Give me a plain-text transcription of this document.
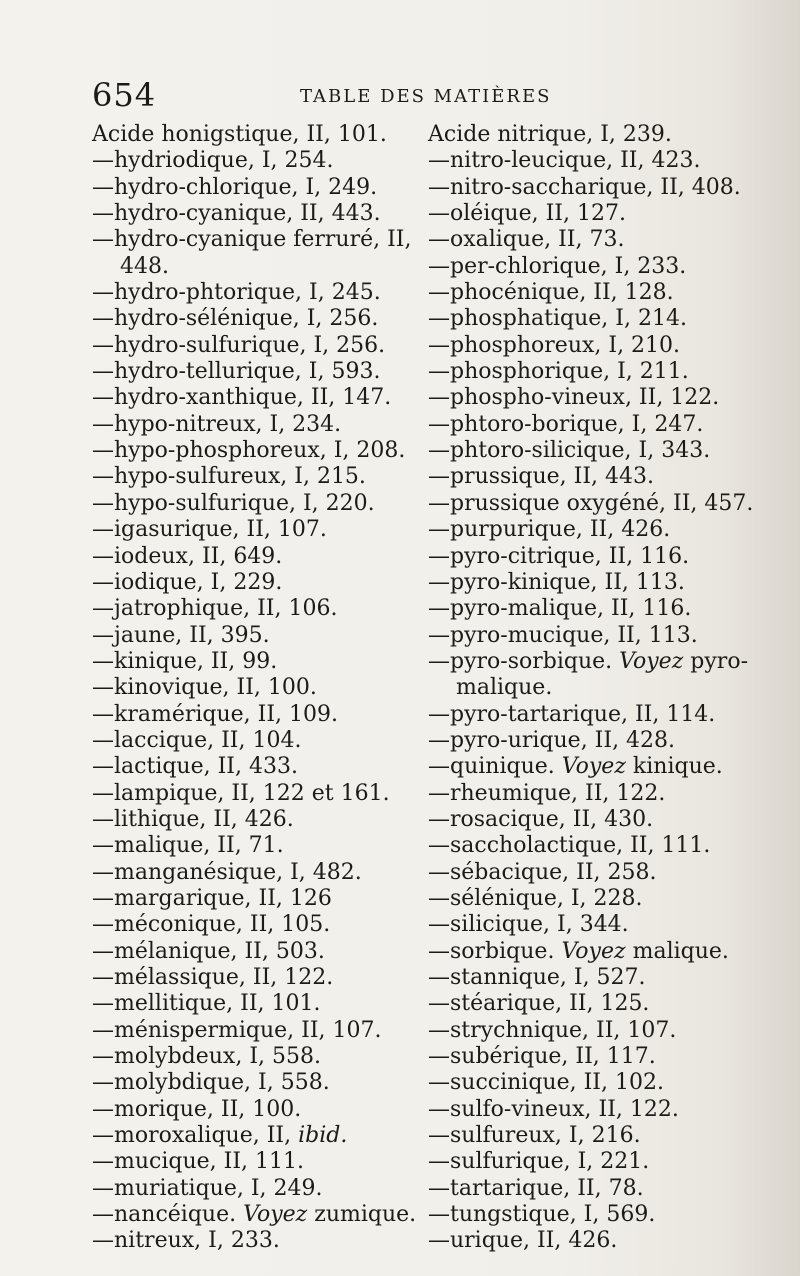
654	TABLE DES MATIÈRES
Acide honigstique, II, 101.
—hydriodique, I, 254.
—hydro-chlorique, I, 249.
—hydro-cyanique, II, 443.
—hydro-cyanique ferruré, II,
448.
—hydro-phtorique, I, 245.
—hydro-sélénique, I, 256.
—hydro-sulfurique, I, 256.
—hydro-tellurique, I, 593.
—hydro-xanthique, II, 147.
—hypo-nitreux, I, 234.
—hypo-phosphoreux, I, 208.
—hypo-sulfureux, I, 215.
—hypo-sulfurique, I, 220.
—igasurique, II, 107.
—iodeux, II, 649.
—iodique, I, 229.
—jatrophique, II, 106.
—jaune, II, 395.
—kinique, II, 99.
—kinovique, II, 100.
—kramérique, II, 109.
—laccique, II, 104.
—lactique, II, 433.
—lampique, II, 122 et 161.
—lithique, II, 426.
—malique, II, 71.
—manganésique, I, 482.
—margarique, II, 126
—méconique, II, 105.
—mélanique, II, 503.
—mélassique, II, 122.
—mellitique, II, 101.
—ménispermique, II, 107.
—molybdeux, I, 558.
—molybdique, I, 558.
—morique, II, 100.
—moroxalique, II, ibid.
—mucique, II, 111.
—muriatique, I, 249.
—nancéique. Voyez zumique.
—nitreux, I, 233.
Acide nitrique, I, 239.
—nitro-leucique, II, 423.
—nitro-saccharique, II, 408.
—oléique, II, 127.
—oxalique, II, 73.
—per-chlorique, I, 233.
—phocénique, II, 128.
—phosphatique, I, 214.
—phosphoreux, I, 210.
—phosphorique, I, 211.
—phospho-vineux, II, 122.
—phtoro-borique, I, 247.
—phtoro-silicique, I, 343.
—prussique, II, 443.
—prussique oxygéné, II, 457.
—purpurique, II, 426.
—pyro-citrique, II, 116.
—pyro-kinique, II, 113.
—pyro-malique, II, 116.
—pyro-mucique, II, 113.
—pyro-sorbique. Voyez pyro-
malique.
—pyro-tartarique, II, 114.
—pyro-urique, II, 428.
—quinique. Voyez kinique.
—rheumique, II, 122.
—rosacique, II, 430.
—saccholactique, II, 111.
—sébacique, II, 258.
—sélénique, I, 228.
—silicique, I, 344.
—sorbique. Voyez malique.
—stannique, I, 527.
—stéarique, II, 125.
—strychnique, II, 107.
—subérique, II, 117.
—succinique, II, 102.
—sulfo-vineux, II, 122.
—sulfureux, I, 216.
—sulfurique, I, 221.
—tartarique, II, 78.
—tungstique, I, 569.
—urique, II, 426.
